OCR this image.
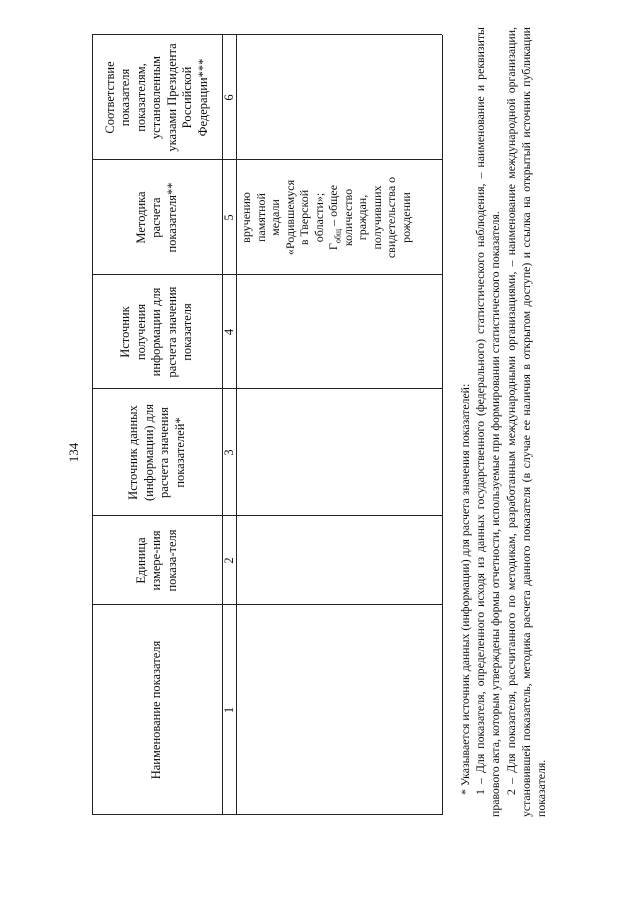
134
Наименование показателя
Единица измере-ния показа-теля
Источник данных (информации) для расчета значения показателей*
Источник получения информации для расчета значения показателя
Методика расчета показателя**
Соответствие показателя показателям, установленным указами Президента Российской Федерации***
1
2
3
4
5
6
вручению памятной медали «Родившемуся в Тверской области»;
$Г_{общ}$ – общее количество граждан, получивших свидетельства о рождении

* Указывается источник данных (информации) для расчета значения показателей: 1 – Для показателя, определенного исходя из данных государственного (федерального) статистического наблюдения, – наименование и реквизиты правового акта, которым утверждены формы отчетности, используемые при формировании статистического показателя. 2 – Для показателя, рассчитанного по методикам, разработанным международными организациями, – наименование международной организации, установившей показатель, методика расчета данного показателя (в случае ее наличия в открытом доступе) и ссылка на открытый источник публикации показателя.
